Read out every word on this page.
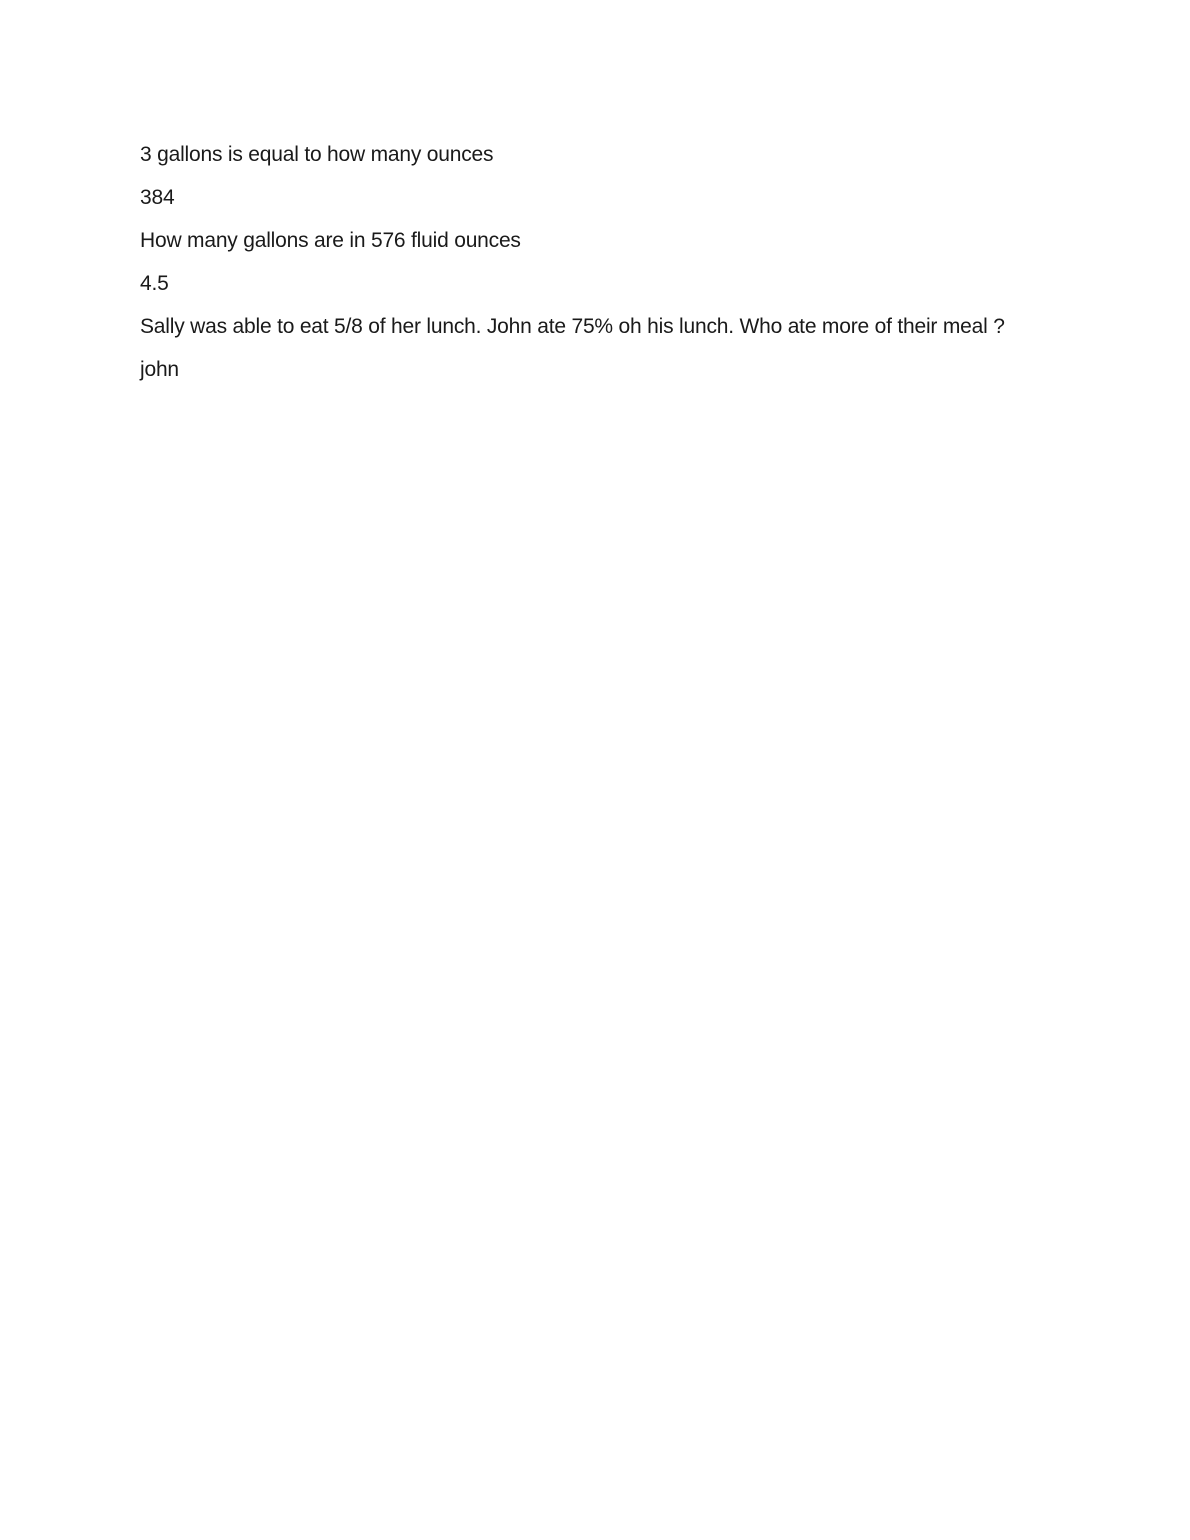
3 gallons is equal to how many ounces

384

How many gallons are in 576 fluid ounces

4.5

Sally was able to eat 5/8 of her lunch. John ate 75% oh his lunch. Who ate more of their meal ?

john
